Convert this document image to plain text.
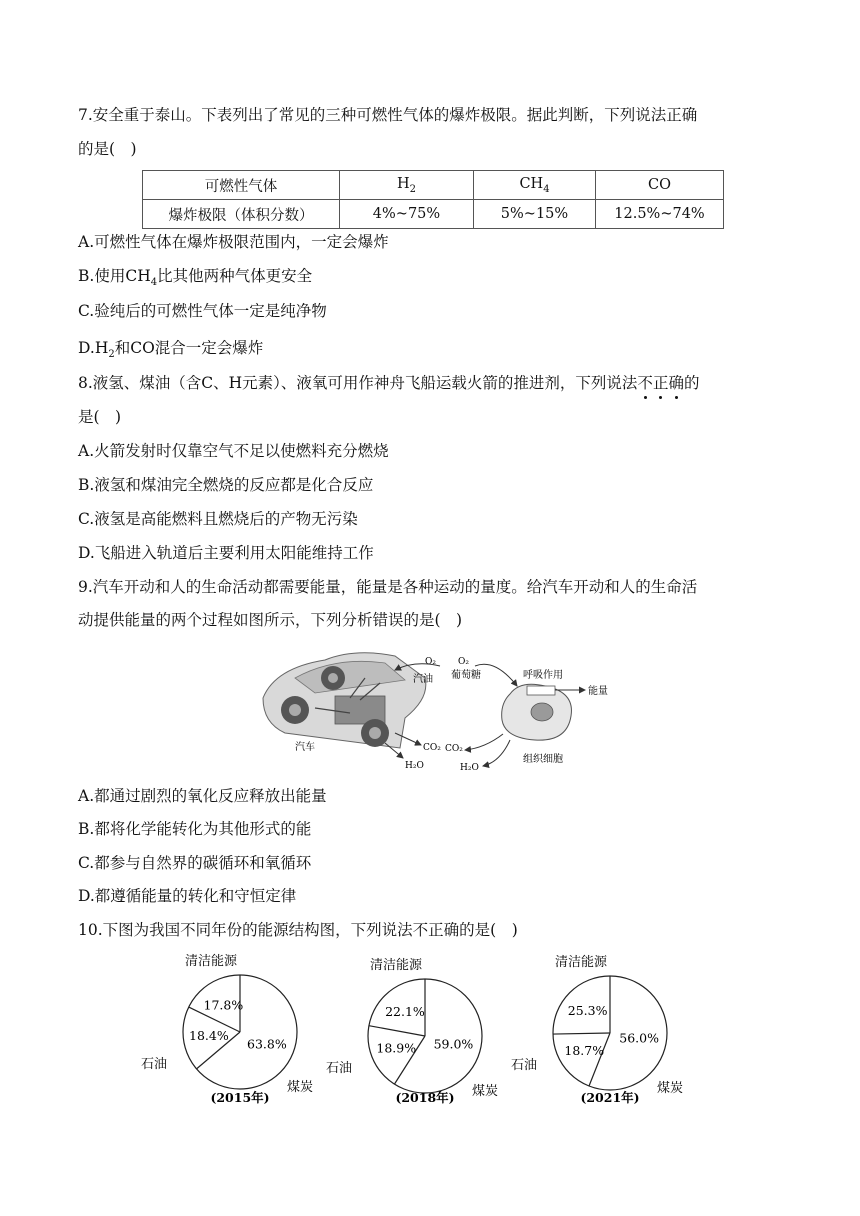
7.安全重于泰山。下表列出了常见的三种可燃性气体的爆炸极限。据此判断，下列说法正确
的是( )
可燃性气体	$H_2$	$CH_4$	CO
爆炸极限（体积分数）	4%~75%	5%~15%	12.5%~74%
A.可燃性气体在爆炸极限范围内，一定会爆炸
B.使用$CH_4$比其他两种气体更安全
C.验纯后的可燃性气体一定是纯净物
$D.H_2$和CO混合一定会爆炸
8.液氢、煤油（含C、H元素）、液氧可用作神舟飞船运载火箭的推进剂，下列说法不正确的
是( )
A.火箭发射时仅靠空气不足以使燃料充分燃烧
B.液氢和煤油完全燃烧的反应都是化合反应
C.液氢是高能燃料且燃烧后的产物无污染
D.飞船进入轨道后主要利用太阳能维持工作
9.汽车开动和人的生命活动都需要能量，能量是各种运动的量度。给汽车开动和人的生命活
动提供能量的两个过程如图所示，下列分析错误的是( )
汽车
O₂
汽油
CO₂
H₂O
O₂
葡萄糖	呼吸作用
能量
CO₂
H₂O
组织细胞
A.都通过剧烈的氧化反应释放出能量
B.都将化学能转化为其他形式的能
C.都参与自然界的碳循环和氧循环
D.都遵循能量的转化和守恒定律
10.下图为我国不同年份的能源结构图，下列说法不正确的是( )
17.8%
18.4%
63.8%
清洁能源
石油
煤炭
(2015年)
22.1%
18.9% 59.0%
清洁能源
石油
煤炭
(2018年)
25.3%
18.7%
56.0%
清洁能源
石油
煤炭
(2021年)
